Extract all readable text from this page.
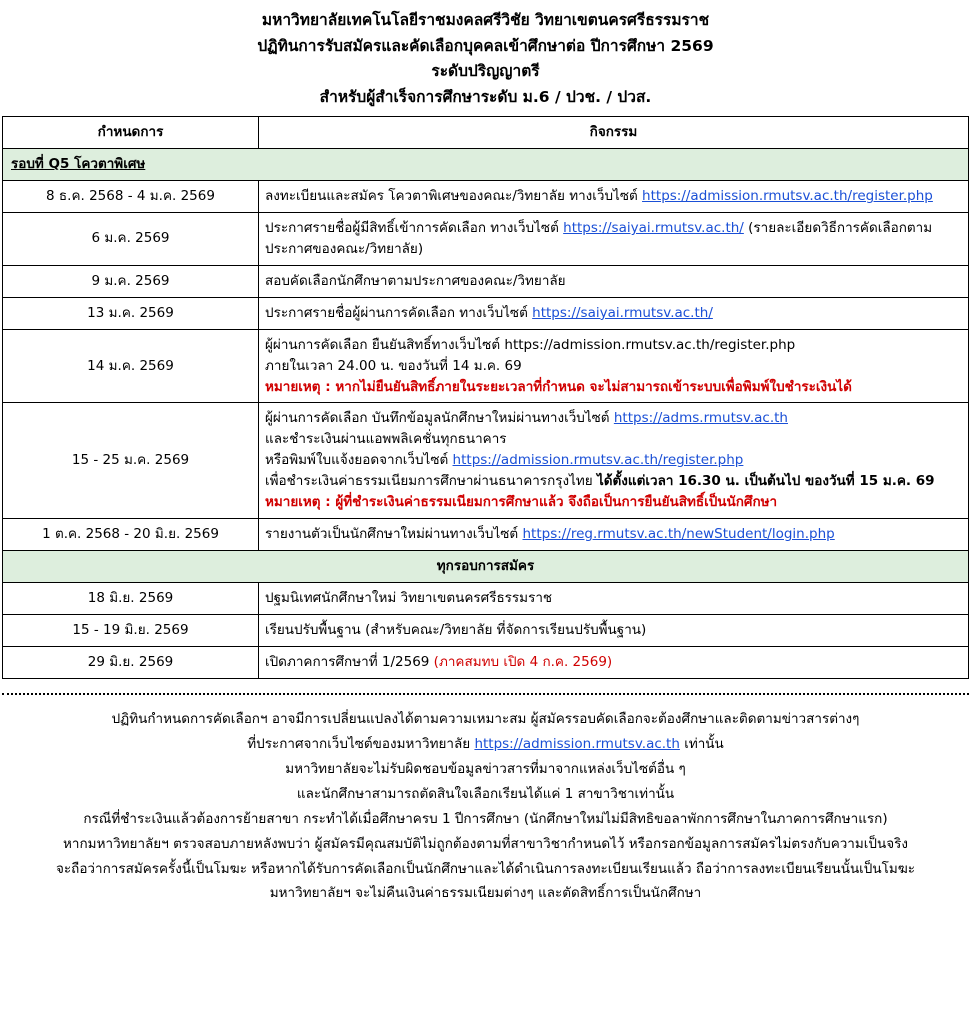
มหาวิทยาลัยเทคโนโลยีราชมงคลศรีวิชัย วิทยาเขตนครศรีธรรมราช
ปฏิทินการรับสมัครและคัดเลือกบุคคลเข้าศึกษาต่อ ปีการศึกษา 2569
ระดับปริญญาตรี
สำหรับผู้สำเร็จการศึกษาระดับ ม.6 / ปวช. / ปวส.
กำหนดการ	กิจกรรม
รอบที่ Q5 โควตาพิเศษ	
8 ธ.ค. 2568 - 4 ม.ค. 2569	ลงทะเบียนและสมัคร โควตาพิเศษของคณะ/วิทยาลัย ทางเว็บไซต์ https://admission.rmutsv.ac.th/register.php
6 ม.ค. 2569	ประกาศรายชื่อผู้มีสิทธิ์เข้าการคัดเลือก ทางเว็บไซต์ https://saiyai.rmutsv.ac.th/ (รายละเอียดวิธีการคัดเลือกตาม
ประกาศของคณะ/วิทยาลัย)

9 ม.ค. 2569	สอบคัดเลือกนักศึกษาตามประกาศของคณะ/วิทยาลัย
13 ม.ค. 2569	ประกาศรายชื่อผู้ผ่านการคัดเลือก ทางเว็บไซต์ https://saiyai.rmutsv.ac.th/
14 ม.ค. 2569	ผู้ผ่านการคัดเลือก ยืนยันสิทธิ์ทางเว็บไซต์ https://admission.rmutsv.ac.th/register.php
ภายในเวลา 24.00 น. ของวันที่ 14 ม.ค. 69
หมายเหตุ : หากไม่ยืนยันสิทธิ์ภายในระยะเวลาที่กำหนด จะไม่สามารถเข้าระบบเพื่อพิมพ์ใบชำระเงินได้

15 - 25 ม.ค. 2569	ผู้ผ่านการคัดเลือก บันทึกข้อมูลนักศึกษาใหม่ผ่านทางเว็บไซต์ https://adms.rmutsv.ac.th
และชำระเงินผ่านแอพพลิเคชั่นทุกธนาคาร
หรือพิมพ์ใบแจ้งยอดจากเว็บไซต์ https://admission.rmutsv.ac.th/register.php
เพื่อชำระเงินค่าธรรมเนียมการศึกษาผ่านธนาคารกรุงไทย ได้ตั้งแต่เวลา 16.30 น. เป็นต้นไป ของวันที่ 15 ม.ค. 69
หมายเหตุ : ผู้ที่ชำระเงินค่าธรรมเนียมการศึกษาแล้ว จึงถือเป็นการยืนยันสิทธิ์เป็นนักศึกษา

1 ต.ค. 2568 - 20 มิ.ย. 2569	รายงานตัวเป็นนักศึกษาใหม่ผ่านทางเว็บไซต์ https://reg.rmutsv.ac.th/newStudent/login.php
ทุกรอบการสมัคร	
18 มิ.ย. 2569	ปฐมนิเทศนักศึกษาใหม่ วิทยาเขตนครศรีธรรมราช
15 - 19 มิ.ย. 2569	เรียนปรับพื้นฐาน (สำหรับคณะ/วิทยาลัย ที่จัดการเรียนปรับพื้นฐาน)
29 มิ.ย. 2569	เปิดภาคการศึกษาที่ 1/2569 (ภาคสมทบ เปิด 4 ก.ค. 2569)
ปฏิทินกำหนดการคัดเลือกฯ อาจมีการเปลี่ยนแปลงได้ตามความเหมาะสม ผู้สมัครรอบคัดเลือกจะต้องศึกษาและติดตามข่าวสารต่างๆ
ที่ประกาศจากเว็บไซต์ของมหาวิทยาลัย https://admission.rmutsv.ac.th เท่านั้น
มหาวิทยาลัยจะไม่รับผิดชอบข้อมูลข่าวสารที่มาจากแหล่งเว็บไซต์อื่น ๆ
และนักศึกษาสามารถตัดสินใจเลือกเรียนได้แค่ 1 สาขาวิชาเท่านั้น
กรณีที่ชำระเงินแล้วต้องการย้ายสาขา กระทำได้เมื่อศึกษาครบ 1 ปีการศึกษา (นักศึกษาใหม่ไม่มีสิทธิขอลาพักการศึกษาในภาคการศึกษาแรก)
หากมหาวิทยาลัยฯ ตรวจสอบภายหลังพบว่า ผู้สมัครมีคุณสมบัติไม่ถูกต้องตามที่สาขาวิชากำหนดไว้ หรือกรอกข้อมูลการสมัครไม่ตรงกับความเป็นจริง
จะถือว่าการสมัครครั้งนี้เป็นโมฆะ หรือหากได้รับการคัดเลือกเป็นนักศึกษาและได้ดำเนินการลงทะเบียนเรียนแล้ว ถือว่าการลงทะเบียนเรียนนั้นเป็นโมฆะ
มหาวิทยาลัยฯ จะไม่คืนเงินค่าธรรมเนียมต่างๆ และตัดสิทธิ์การเป็นนักศึกษา
